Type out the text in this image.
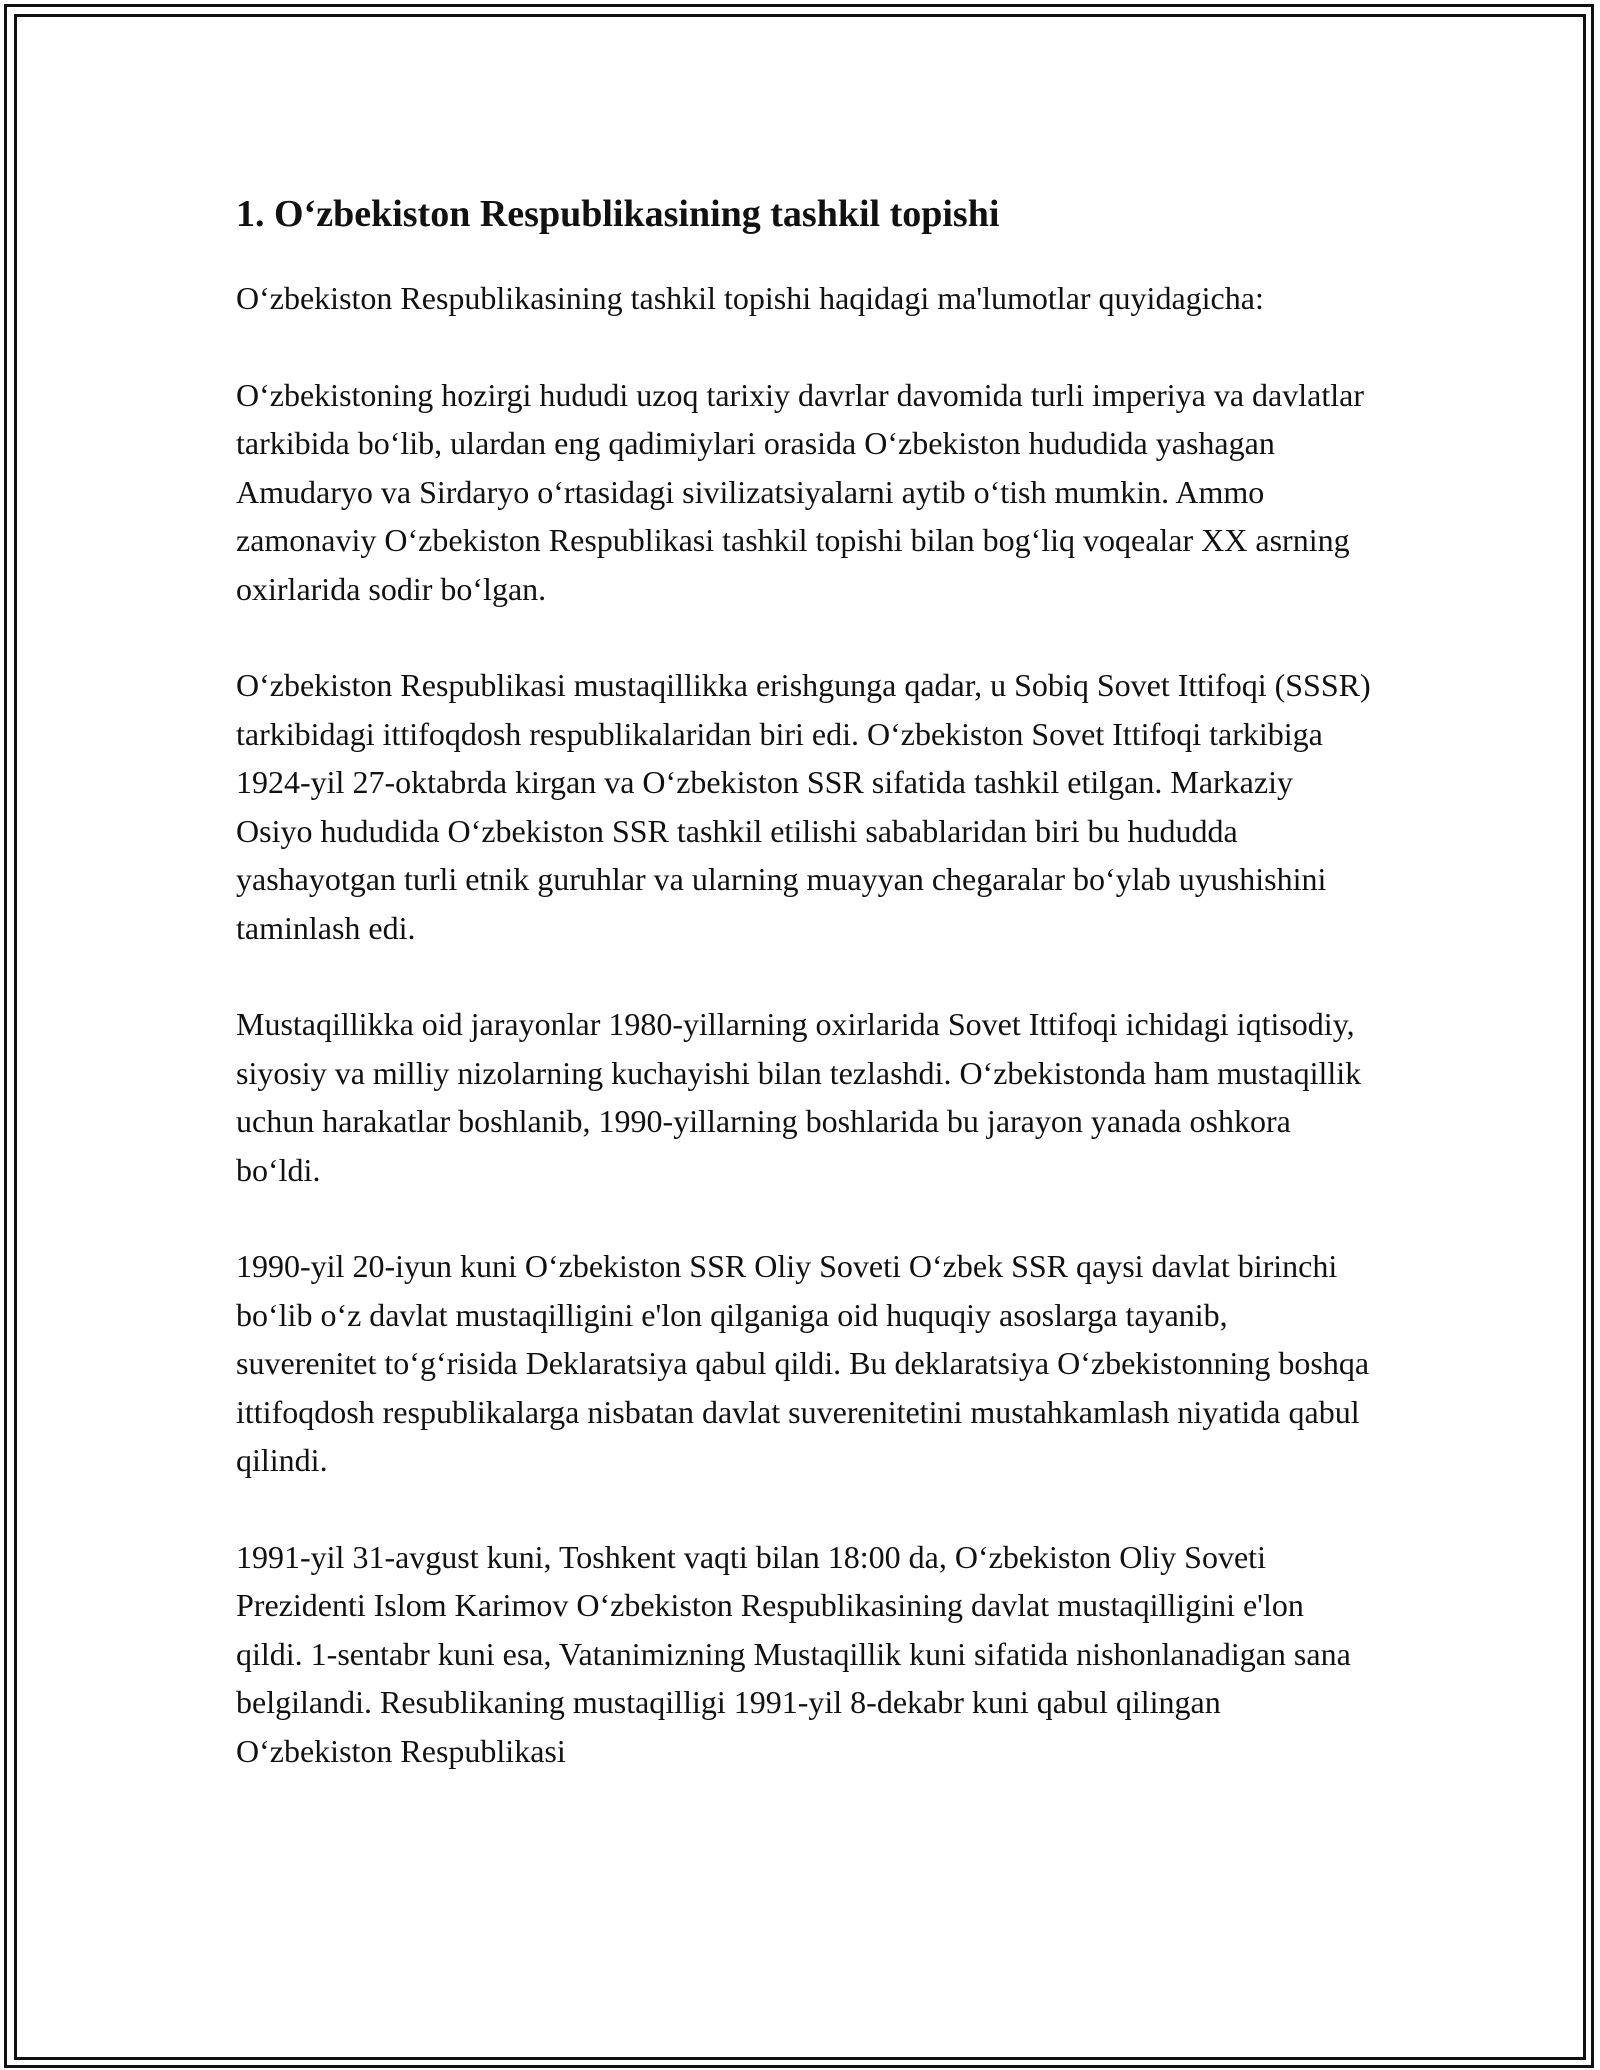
1. O‘zbekiston Respublikasining tashkil topishi

O‘zbekiston Respublikasining tashkil topishi haqidagi ma'lumotlar quyidagicha:

O‘zbekistoning hozirgi hududi uzoq tarixiy davrlar davomida turli imperiya va davlatlar tarkibida bo‘lib, ulardan eng qadimiylari orasida O‘zbekiston hududida yashagan Amudaryo va Sirdaryo o‘rtasidagi sivilizatsiyalarni aytib o‘tish mumkin. Ammo zamonaviy O‘zbekiston Respublikasi tashkil topishi bilan bog‘liq voqealar XX asrning oxirlarida sodir bo‘lgan.

O‘zbekiston Respublikasi mustaqillikka erishgunga qadar, u Sobiq Sovet Ittifoqi (SSSR) tarkibidagi ittifoqdosh respublikalaridan biri edi. O‘zbekiston Sovet Ittifoqi tarkibiga 1924-yil 27-oktabrda kirgan va O‘zbekiston SSR sifatida tashkil etilgan. Markaziy Osiyo hududida O‘zbekiston SSR tashkil etilishi sabablaridan biri bu hududda yashayotgan turli etnik guruhlar va ularning muayyan chegaralar bo‘ylab uyushishini taminlash edi.

Mustaqillikka oid jarayonlar 1980-yillarning oxirlarida Sovet Ittifoqi ichidagi iqtisodiy, siyosiy va milliy nizolarning kuchayishi bilan tezlashdi. O‘zbekistonda ham mustaqillik uchun harakatlar boshlanib, 1990-yillarning boshlarida bu jarayon yanada oshkora bo‘ldi.

1990-yil 20-iyun kuni O‘zbekiston SSR Oliy Soveti O‘zbek SSR qaysi davlat birinchi bo‘lib o‘z davlat mustaqilligini e'lon qilganiga oid huquqiy asoslarga tayanib, suverenitet to‘g‘risida Deklaratsiya qabul qildi. Bu deklaratsiya O‘zbekistonning boshqa ittifoqdosh respublikalarga nisbatan davlat suverenitetini mustahkamlash niyatida qabul qilindi.

1991-yil 31-avgust kuni, Toshkent vaqti bilan 18:00 da, O‘zbekiston Oliy Soveti Prezidenti Islom Karimov O‘zbekiston Respublikasining davlat mustaqilligini e'lon qildi. 1-sentabr kuni esa, Vatanimizning Mustaqillik kuni sifatida nishonlanadigan sana belgilandi. Resublikaning mustaqilligi 1991-yil 8-dekabr kuni qabul qilingan O‘zbekiston Respublikasi
